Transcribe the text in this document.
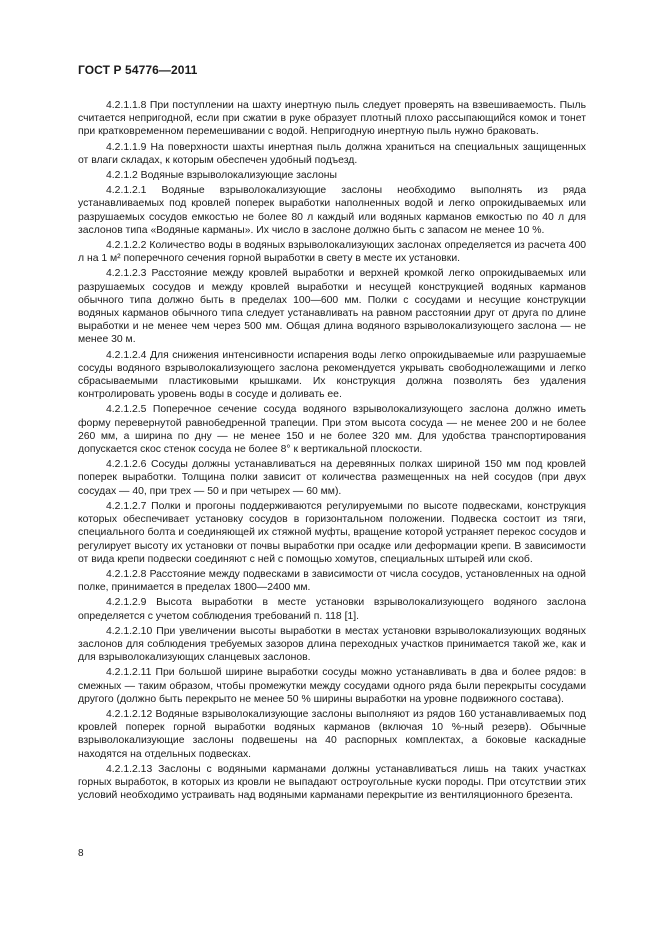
ГОСТ Р 54776—2011

4.2.1.1.8 При поступлении на шахту инертную пыль следует проверять на взвешиваемость. Пыль считается непригодной, если при сжатии в руке образует плотный плохо рассыпающийся комок и тонет при кратковременном перемешивании с водой. Непригодную инертную пыль нужно браковать.

4.2.1.1.9 На поверхности шахты инертная пыль должна храниться на специальных защищенных от влаги складах, к которым обеспечен удобный подъезд.

4.2.1.2 Водяные взрыволокализующие заслоны

4.2.1.2.1 Водяные взрыволокализующие заслоны необходимо выполнять из ряда устанавливаемых под кровлей поперек выработки наполненных водой и легко опрокидываемых или разрушаемых сосудов емкостью не более 80 л каждый или водяных карманов емкостью по 40 л для заслонов типа «Водяные карманы». Их число в заслоне должно быть с запасом не менее 10 %.

4.2.1.2.2 Количество воды в водяных взрыволокализующих заслонах определяется из расчета 400 л на 1 м² поперечного сечения горной выработки в свету в месте их установки.

4.2.1.2.3 Расстояние между кровлей выработки и верхней кромкой легко опрокидываемых или разрушаемых сосудов и между кровлей выработки и несущей конструкцией водяных карманов обычного типа должно быть в пределах 100—600 мм. Полки с сосудами и несущие конструкции водяных карманов обычного типа следует устанавливать на равном расстоянии друг от друга по длине выработки и не менее чем через 500 мм. Общая длина водяного взрыволокализующего заслона — не менее 30 м.

4.2.1.2.4 Для снижения интенсивности испарения воды легко опрокидываемые или разрушаемые сосуды водяного взрыволокализующего заслона рекомендуется укрывать свободнолежащими и легко сбрасываемыми пластиковыми крышками. Их конструкция должна позволять без удаления контролировать уровень воды в сосуде и доливать ее.

4.2.1.2.5 Поперечное сечение сосуда водяного взрыволокализующего заслона должно иметь форму перевернутой равнобедренной трапеции. При этом высота сосуда — не менее 200 и не более 260 мм, а ширина по дну — не менее 150 и не более 320 мм. Для удобства транспортирования допускается скос стенок сосуда не более 8° к вертикальной плоскости.

4.2.1.2.6 Сосуды должны устанавливаться на деревянных полках шириной 150 мм под кровлей поперек выработки. Толщина полки зависит от количества размещенных на ней сосудов (при двух сосудах — 40, при трех — 50 и при четырех — 60 мм).

4.2.1.2.7 Полки и прогоны поддерживаются регулируемыми по высоте подвесками, конструкция которых обеспечивает установку сосудов в горизонтальном положении. Подвеска состоит из тяги, специального болта и соединяющей их стяжной муфты, вращение которой устраняет перекос сосудов и регулирует высоту их установки от почвы выработки при осадке или деформации крепи. В зависимости от вида крепи подвески соединяют с ней с помощью хомутов, специальных штырей или скоб.

4.2.1.2.8 Расстояние между подвесками в зависимости от числа сосудов, установленных на одной полке, принимается в пределах 1800—2400 мм.

4.2.1.2.9 Высота выработки в месте установки взрыволокализующего водяного заслона определяется с учетом соблюдения требований п. 118 [1].

4.2.1.2.10 При увеличении высоты выработки в местах установки взрыволокализующих водяных заслонов для соблюдения требуемых зазоров длина переходных участков принимается такой же, как и для взрыволокализующих сланцевых заслонов.

4.2.1.2.11 При большой ширине выработки сосуды можно устанавливать в два и более рядов: в смежных — таким образом, чтобы промежутки между сосудами одного ряда были перекрыты сосудами другого (должно быть перекрыто не менее 50 % ширины выработки на уровне подвижного состава).

4.2.1.2.12 Водяные взрыволокализующие заслоны выполняют из рядов 160 устанавливаемых под кровлей поперек горной выработки водяных карманов (включая 10 %-ный резерв). Обычные взрыволокализующие заслоны подвешены на 40 распорных комплектах, а боковые каскадные находятся на отдельных подвесках.

4.2.1.2.13 Заслоны с водяными карманами должны устанавливаться лишь на таких участках горных выработок, в которых из кровли не выпадают остроугольные куски породы. При отсутствии этих условий необходимо устраивать над водяными карманами перекрытие из вентиляционного брезента.

8
